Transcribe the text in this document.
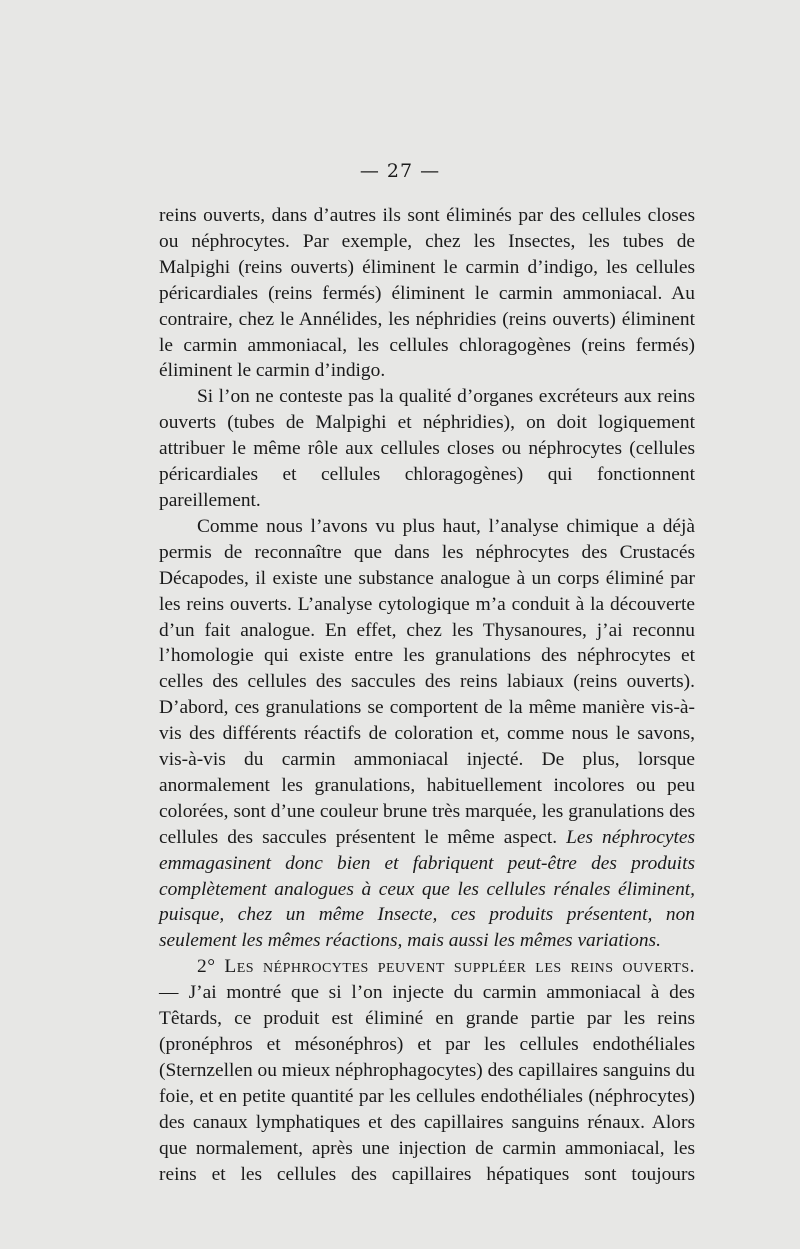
— 27 —

reins ouverts, dans d’autres ils sont éliminés par des cellules closes ou néphrocytes. Par exemple, chez les Insectes, les tubes de Malpighi (reins ouverts) éliminent le carmin d’indigo, les cellules péricardiales (reins fermés) éliminent le carmin ammoniacal. Au contraire, chez le Annélides, les néphridies (reins ouverts) éliminent le carmin ammoniacal, les cellules chloragogènes (reins fermés) éliminent le carmin d’indigo.

Si l’on ne conteste pas la qualité d’organes excréteurs aux reins ouverts (tubes de Malpighi et néphridies), on doit logiquement attribuer le même rôle aux cellules closes ou néphrocytes (cellules péricardiales et cellules chloragogènes) qui fonctionnent pareillement.

Comme nous l’avons vu plus haut, l’analyse chimique a déjà permis de reconnaître que dans les néphrocytes des Crustacés Décapodes, il existe une substance analogue à un corps éliminé par les reins ouverts. L’analyse cytologique m’a conduit à la découverte d’un fait analogue. En effet, chez les Thysanoures, j’ai reconnu l’homologie qui existe entre les granulations des néphrocytes et celles des cellules des saccules des reins labiaux (reins ouverts). D’abord, ces granulations se comportent de la même manière vis-à-vis des différents réactifs de coloration et, comme nous le savons, vis-à-vis du carmin ammoniacal injecté. De plus, lorsque anormalement les granulations, habituellement incolores ou peu colorées, sont d’une couleur brune très marquée, les granulations des cellules des saccules présentent le même aspect. Les néphrocytes emmagasinent donc bien et fabriquent peut-être des produits complètement analogues à ceux que les cellules rénales éliminent, puisque, chez un même Insecte, ces produits présentent, non seulement les mêmes réactions, mais aussi les mêmes variations.

2° Les néphrocytes peuvent suppléer les reins ouverts. — J’ai montré que si l’on injecte du carmin ammoniacal à des Têtards, ce produit est éliminé en grande partie par les reins (pronéphros et mésonéphros) et par les cellules endothéliales (Sternzellen ou mieux néphrophagocytes) des capillaires sanguins du foie, et en petite quantité par les cellules endothéliales (néphrocytes) des canaux lymphatiques et des capillaires sanguins rénaux. Alors que normalement, après une injection de carmin ammoniacal, les reins et les cellules des capillaires hépatiques sont toujours
